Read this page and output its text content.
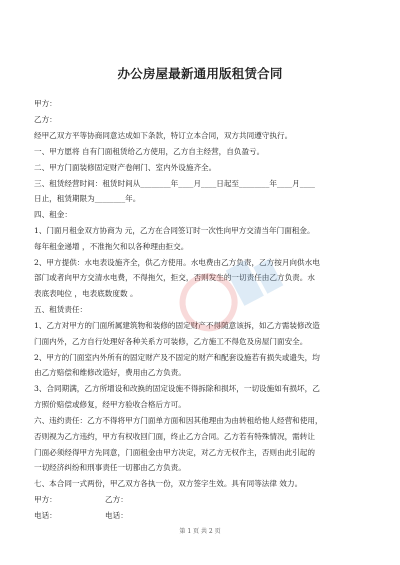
办公房屋最新通用版租赁合同
甲方：
乙方：
经甲乙双方平等协商同意达成如下条款，特订立本合同，双方共同遵守执行。
一、甲方愿将 自有门面租赁给乙方使用，乙方自主经营，自负盈亏。
二、甲方门面装修固定财产卷闸门、室内外设施齐全。
三、租赁经营时间：租赁时间从________年____月____日起至________年____月____
日止，租赁期限为________年。
四、租金：
1、门面月租金双方协商为 元，乙方在合同签订时一次性向甲方交清当年门面租金。
每年租金递增 ，不准拖欠和以各种理由拒交。
2、甲方提供：水电表设施齐全，供乙方使用。水电费由乙方负责，乙方按月向供水电
部门或者向甲方交清水电费，不得拖欠，拒交，否则发生的一切责任由乙方负责。水
表底表吨位 ，电表底数度数 。
五、租赁责任：
1、乙方对甲方的门面所属建筑物和装修的固定财产不得随意该拆，如乙方需装修改造
门面内外，乙方自行处理好各种关系方可装修，乙方施工不得危及房屋门面安全。
2、甲方的门面室内外所有的固定财产及不固定的财产和配套设施若有损失或遗失，均
由乙方赔偿和维修改造好，费用由乙方负责。
3、合同期满，乙方所增设和改换的固定设施不得拆除和损坏，一切设施如有损坏，乙
方照价赔偿或修复，经甲方验收合格后方可。
六、违约责任：乙方不得将甲方门面单方面和因其他理由为由转租给他人经营和使用，
否则视为乙方违约，甲方有权收回门面，终止乙方合同。乙方若有特殊情况，需转让
门面必须经得甲方先同意，门面租金由甲方决定，对乙方无权作主，否则由此引起的
一切经济纠纷和刑事责任一切都由乙方负责。
七、本合同一式两份，甲乙双方各执一份，双方签字生效。具有同等法律 效力。
甲方：                    乙方：
电话：                    电话：
第 1 页 共 2 页
